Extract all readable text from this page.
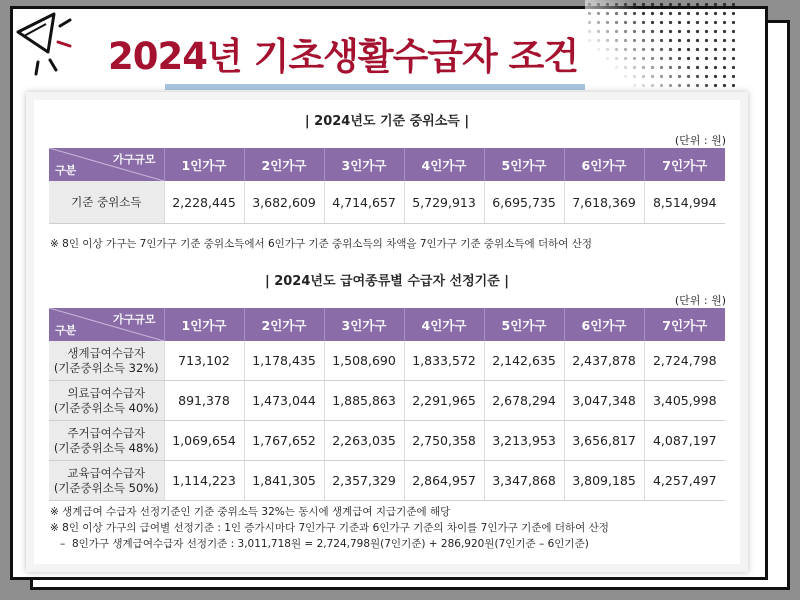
2024년 기초생활수급자 조건
| 2024년도 기준 중위소득 |
(단위 : 원)
가구규모
구분	1인가구	2인가구	3인가구	4인가구	5인가구	6인가구	7인가구
기준 중위소득	2,228,445	3,682,609	4,714,657	5,729,913	6,695,735	7,618,369	8,514,994
※ 8인 이상 가구는 7인가구 기준 중위소득에서 6인가구 기준 중위소득의 차액을 7인가구 기준 중위소득에 더하여 산정
| 2024년도 급여종류별 수급자 선정기준 |
(단위 : 원)
가구규모
구분	1인가구	2인가구	3인가구	4인가구	5인가구	6인가구	7인가구
생계급여수급자
(기준중위소득 32%)	713,102	1,178,435	1,508,690	1,833,572	2,142,635	2,437,878	2,724,798
의료급여수급자
(기준중위소득 40%)	891,378	1,473,044	1,885,863	2,291,965	2,678,294	3,047,348	3,405,998
주거급여수급자
(기준중위소득 48%)	1,069,654	1,767,652	2,263,035	2,750,358	3,213,953	3,656,817	4,087,197
교육급여수급자
(기준중위소득 50%)	1,114,223	1,841,305	2,357,329	2,864,957	3,347,868	3,809,185	4,257,497
※ 생계급여 수급자 선정기준인 기준 중위소득 32%는 동시에 생계급여 지급기준에 해당
※ 8인 이상 가구의 급여별 선정기준 : 1인 증가시마다 7인가구 기준과 6인가구 기준의 차이를 7인가구 기준에 더하여 산정
–  8인가구 생계급여수급자 선정기준 : 3,011,718원 = 2,724,798원(7인기준) + 286,920원(7인기준 – 6인기준)
